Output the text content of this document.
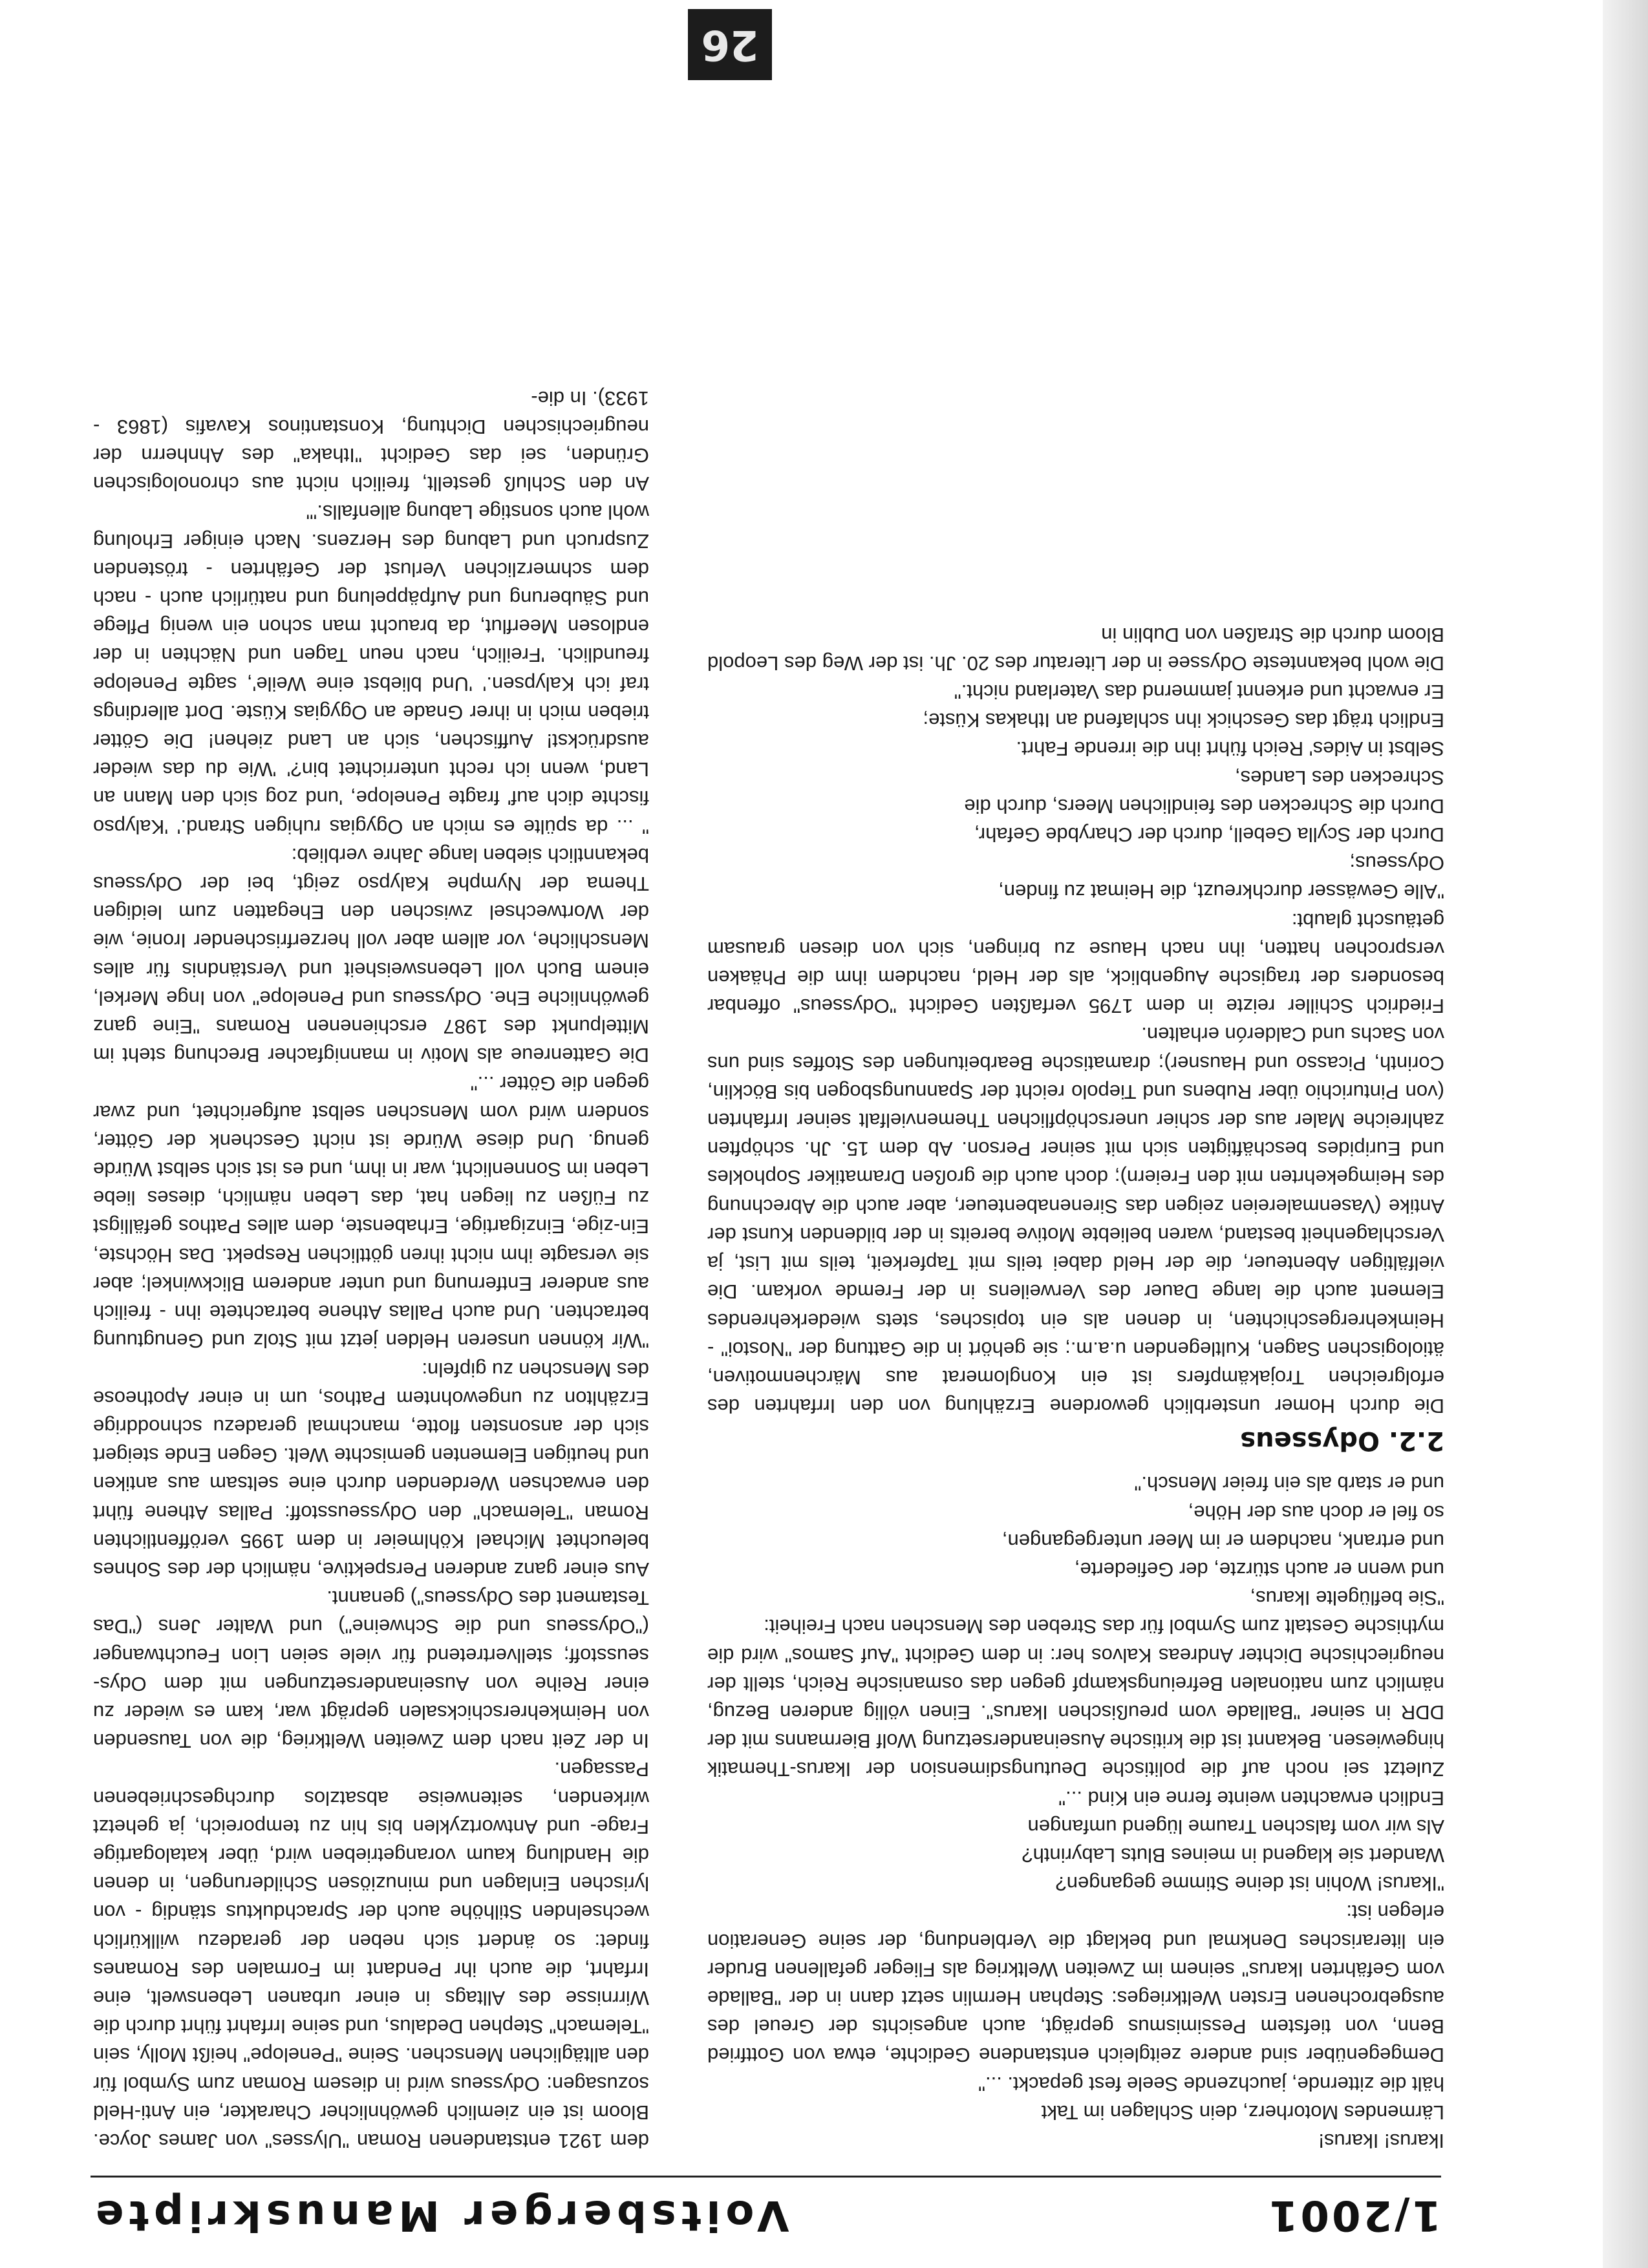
1/2001
Voitsberger Manuskripte

Ikarus! Ikarus!

Lärmendes Motorherz, dein Schlagen im Takt
hält die zitternde, jauchzende Seele fest gepackt. ..."

Demgegenüber sind andere zeitgleich entstandene Gedichte, etwa von Gottfried Benn, von tiefstem Pessimismus geprägt, auch angesichts der Greuel des ausgebrochenen Ersten Weltkrieges: Stephan Hermlin setzt dann in der "Ballade vom Gefährten Ikarus" seinem im Zweiten Weltkrieg als Flieger gefallenen Bruder ein literarisches Denkmal und beklagt die Verblendung, der seine Generation erlegen ist:

"Ikarus! Wohin ist deine Stimme gegangen?
Wandert sie klagend in meines Bluts Labyrinth?
Als wir vom falschen Traume lügend umfangen
Endlich erwachten weinte ferne ein Kind ..."

Zuletzt sei noch auf die politische Deutungsdimension der Ikarus-Thematik hingewiesen. Bekannt ist die kritische Auseinandersetzung Wolf Biermanns mit der DDR in seiner "Ballade vom preußischen Ikarus". Einen völlig anderen Bezug, nämlich zum nationalen Befreiungskampf gegen das osmanische Reich, stellt der neugriechische Dichter Andreas Kalvos her: in dem Gedicht "Auf Samos" wird die mythische Gestalt zum Symbol für das Streben des Menschen nach Freiheit:

"Sie beflügelte Ikarus,
und wenn er auch stürzte, der Gefiederte,
und ertrank, nachdem er im Meer untergegangen,
so fiel er doch aus der Höhe,
und er starb als ein freier Mensch."
2.2. Odysseus

Die durch Homer unsterblich gewordene Erzählung von den Irrfahrten des erfolgreichen Trojakämpfers ist ein Konglomerat aus Märchenmotiven, ätiologischen Sagen, Kultlegenden u.a.m.; sie gehört in die Gattung der "Nostoi" - Heimkehrergeschichten, in denen als ein topisches, stets wiederkehrendes Element auch die lange Dauer des Verweilens in der Fremde vorkam. Die vielfältigen Abenteuer, die der Held dabei teils mit Tapferkeit, teils mit List, ja Verschlagenheit bestand, waren beliebte Motive bereits in der bildenden Kunst der Antike (Vasenmalereien zeigen das Sirenenabenteuer, aber auch die Abrechnung des Heimgekehrten mit den Freiern); doch auch die großen Dramatiker Sophokles und Euripides beschäftigten sich mit seiner Person. Ab dem 15. Jh. schöpften zahlreiche Maler aus der schier unerschöpflichen Themenvielfalt seiner Irrfahrten (von Pinturichio über Rubens und Tiepolo reicht der Spannungsbogen bis Böcklin, Corinth, Picasso und Hausner); dramatische Bearbeitungen des Stoffes sind uns von Sachs und Calderón erhalten.

Friedrich Schiller reizte in dem 1795 verfaßten Gedicht "Odysseus" offenbar besonders der tragische Augenblick, als der Held, nachdem ihm die Phäaken versprochen hatten, ihn nach Hause zu bringen, sich von diesen grausam getäuscht glaubt:

"Alle Gewässer durchkreuzt, die Heimat zu finden,
Odysseus;
Durch der Scylla Gebell, durch der Charybde Gefahr,
Durch die Schrecken des feindlichen Meers, durch die
Schrecken des Landes,
Selbst in Aides' Reich führt ihn die irrende Fahrt.
Endlich trägt das Geschick ihn schlafend an Ithakas Küste;
Er erwacht und erkennt jammernd das Vaterland nicht."

Die wohl bekannteste Odyssee in der Literatur des 20. Jh. ist der Weg des Leopold Bloom durch die Straßen von Dublin in

dem 1921 entstandenen Roman "Ulysses" von James Joyce. Bloom ist ein ziemlich gewöhnlicher Charakter, ein Anti-Held sozusagen: Odysseus wird in diesem Roman zum Symbol für den alltäglichen Menschen. Seine "Penelope" heißt Molly, sein "Telemach" Stephen Dedalus, und seine Irrfahrt führt durch die Wirrnisse des Alltags in einer urbanen Lebenswelt, eine Irrfahrt, die auch ihr Pendant im Formalen des Romanes findet: so ändert sich neben der geradezu willkürlich wechselnden Stilhöhe auch der Sprachduktus ständig - von lyrischen Einlagen und minuziösen Schilderungen, in denen die Handlung kaum vorangetrieben wird, über katalogartige Frage- und Antwortzyklen bis hin zu temporeich, ja gehetzt wirkenden, seitenweise absatzlos durchgeschriebenen Passagen.

In der Zeit nach dem Zweiten Weltkrieg, die von Tausenden von Heimkehrerschicksalen geprägt war, kam es wieder zu einer Reihe von Auseinandersetzungen mit dem Odys-seusstoff; stellvertretend für viele seien Lion Feuchtwanger ("Odysseus und die Schweine") und Walter Jens ("Das Testament des Odysseus") genannt.

Aus einer ganz anderen Perspektive, nämlich der des Sohnes beleuchtet Michael Köhlmeier in dem 1995 veröffentlichten Roman "Telemach" den Odysseusstoff: Pallas Athene führt den erwachsen Werdenden durch eine seltsam aus antiken und heutigen Elementen gemischte Welt. Gegen Ende steigert sich der ansonsten flotte, manchmal geradezu schnoddrige Erzählton zu ungewohntem Pathos, um in einer Apotheose des Menschen zu gipfeln:

"Wir können unseren Helden jetzt mit Stolz und Genugtuung betrachten. Und auch Pallas Athene betrachtete ihn - freilich aus anderer Entfernung und unter anderem Blickwinkel; aber sie versagte ihm nicht ihren göttlichen Respekt. Das Höchste, Ein-zige, Einzigartige, Erhabenste, dem alles Pathos gefälligst zu Füßen zu liegen hat, das Leben nämlich, dieses liebe Leben im Sonnenlicht, war in ihm, und es ist sich selbst Würde genug. Und diese Würde ist nicht Geschenk der Götter, sondern wird vom Menschen selbst aufgerichtet, und zwar gegen die Götter ..."

Die Gattenreue als Motiv in mannigfacher Brechung steht im Mittelpunkt des 1987 erschienenen Romans "Eine ganz gewöhnliche Ehe. Odysseus und Penelope" von Inge Merkel, einem Buch voll Lebensweisheit und Verständnis für alles Menschliche, vor allem aber voll herzerfrischender Ironie, wie der Wortwechsel zwischen den Ehegatten zum leidigen Thema der Nymphe Kalypso zeigt, bei der Odysseus bekanntlich sieben lange Jahre verblieb:

" ... da spülte es mich an Ogygias ruhigen Strand.' 'Kalypso fischte dich auf' fragte Penelope, 'und zog sich den Mann an Land, wenn ich recht unterrichtet bin?' 'Wie du das wieder ausdrückst! Auffischen, sich an Land ziehen! Die Götter trieben mich in ihrer Gnade an Ogygias Küste. Dort allerdings traf ich Kalypsen.' 'Und bliebst eine Weile', sagte Penelope freundlich. 'Freilich, nach neun Tagen und Nächten in der endlosen Meerflut, da braucht man schon ein wenig Pflege und Säuberung und Aufpäppelung und natürlich auch - nach dem schmerzlichen Verlust der Gefährten - tröstenden Zuspruch und Labung des Herzens. Nach einiger Erholung wohl auch sonstige Labung allenfalls.'"

An den Schluß gestellt, freilich nicht aus chronologischen Gründen, sei das Gedicht "Ithaka" des Ahnherrn der neugriechischen Dichtung, Konstantinos Kavafis (1863 - 1933). In die-

26
